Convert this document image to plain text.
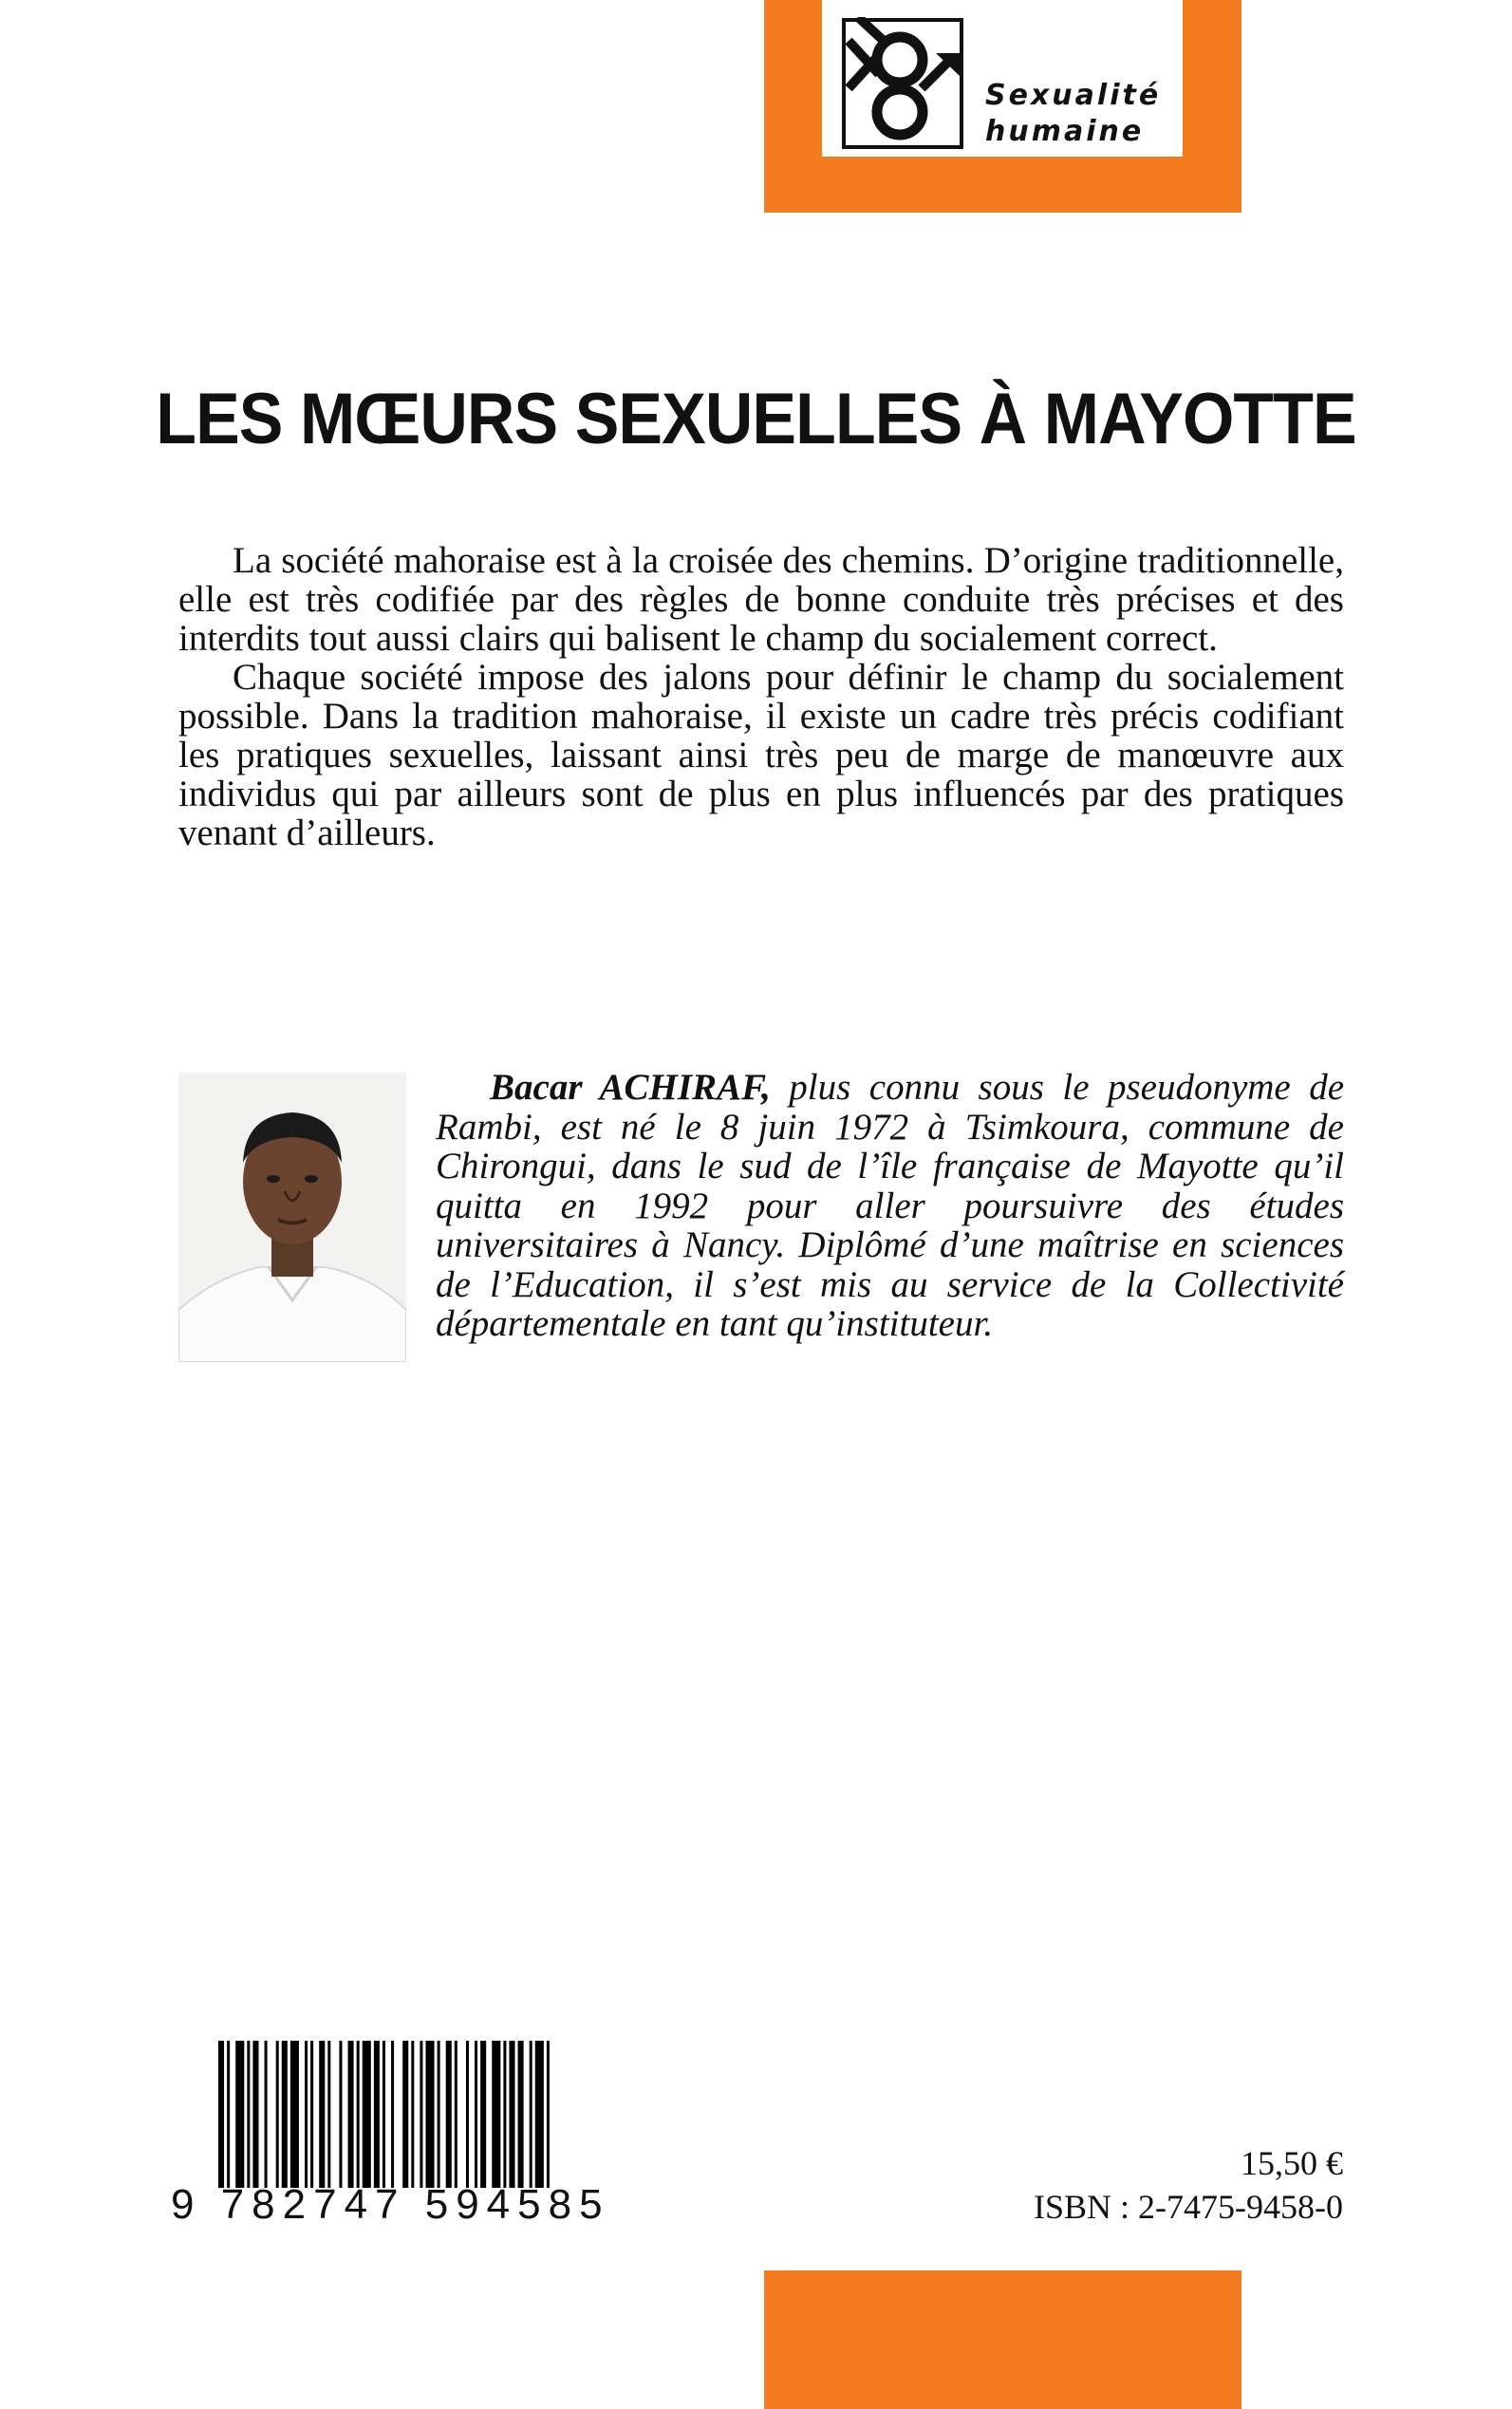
Sexualité
humaine
LES MŒURS SEXUELLES À MAYOTTE

La société mahoraise est à la croisée des chemins. D’origine traditionnelle, elle est très codifiée par des règles de bonne conduite très précises et des interdits tout aussi clairs qui balisent le champ du socialement correct.

Chaque société impose des jalons pour définir le champ du socialement possible. Dans la tradition mahoraise, il existe un cadre très précis codifiant les pratiques sexuelles, laissant ainsi très peu de marge de manœuvre aux individus qui par ailleurs sont de plus en plus influencés par des pratiques venant d’ailleurs.

Bacar ACHIRAF, plus connu sous le pseudonyme de Rambi, est né le 8 juin 1972 à Tsimkoura, commune de Chirongui, dans le sud de l’île française de Mayotte qu’il quitta en 1992 pour aller poursuivre des études universitaires à Nancy. Diplômé d’une maîtrise en sciences de l’Education, il s’est mis au service de la Collectivité départementale en tant qu’instituteur.

9 782747 594585
15,50 €
ISBN : 2-7475-9458-0
